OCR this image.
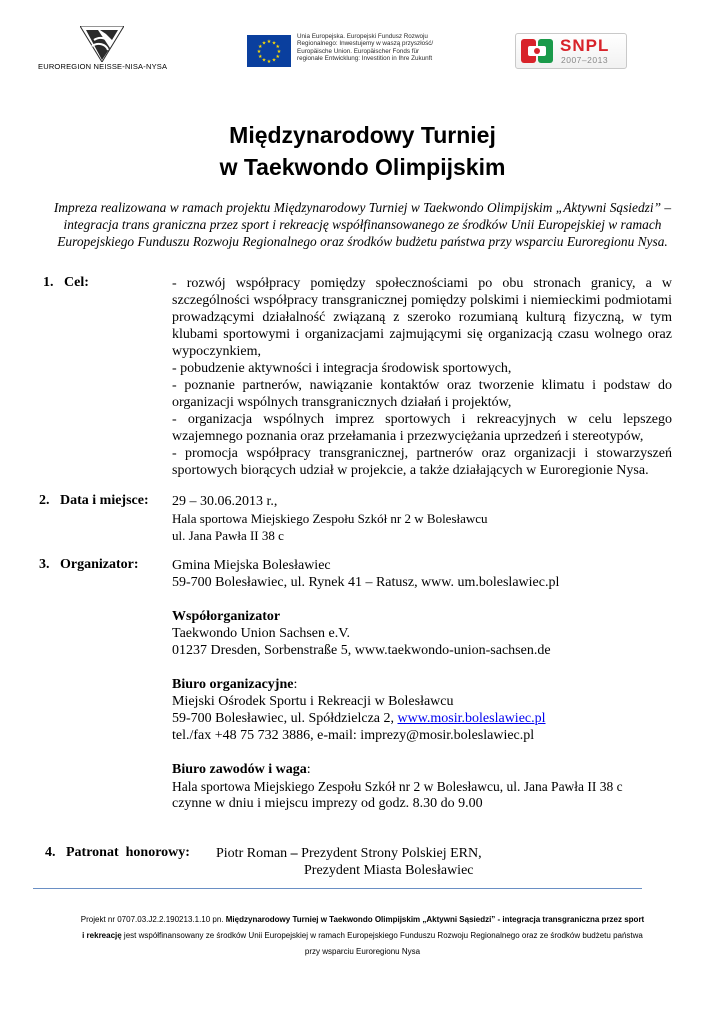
EUROREGION NEISSE-NISA-NYSA
★ ★
★
★
★
★
★
★
★
★
★
★
Unia Europejska. Europejski Fundusz Rozwoju
Regionalnego: Inwestujemy w waszą przyszłość/
Europäische Union. Europäischer Fonds für
regionale Entwicklung: Investition in Ihre Zukunft
SNPL
2007–2013
Międzynarodowy Turniej
w Taekwondo Olimpijskim
Impreza realizowana w ramach projektu Międzynarodowy Turniej w Taekwondo Olimpijskim „Aktywni Sąsiedzi” – integracja trans graniczna przez sport i rekreację współfinansowanego ze środków Unii Europejskiej w ramach Europejskiego Funduszu Rozwoju Regionalnego oraz środków budżetu państwa przy wsparciu Euroregionu Nysa.
1. Cel:	- rozwój współpracy pomiędzy społecznościami po obu stronach granicy, a w szczególności współpracy transgranicznej pomiędzy polskimi i niemieckimi podmiotami prowadzącymi działalność związaną z szeroko rozumianą kulturą fizyczną, w tym klubami sportowymi i organizacjami zajmującymi się organizacją czasu wolnego oraz wypoczynkiem,

- pobudzenie aktywności i integracja środowisk sportowych,

- poznanie partnerów, nawiązanie kontaktów oraz tworzenie klimatu i podstaw do organizacji wspólnych transgranicznych działań i projektów,

- organizacja wspólnych imprez sportowych i rekreacyjnych w celu lepszego wzajemnego poznania oraz przełamania i przezwyciężania uprzedzeń i stereotypów,

- promocja współpracy transgranicznej, partnerów oraz organizacji i stowarzyszeń sportowych biorących udział w projekcie, a także działających w Euroregionie Nysa.

2. Data i miejsce: 29 – 30.06.2013 r.,
Hala sportowa Miejskiego Zespołu Szkół nr 2 w Bolesławcu
ul. Jana Pawła II 38 c
3. Organizator: Gmina Miejska Bolesławiec
59-700 Bolesławiec, ul. Rynek 41 – Ratusz, www. um.boleslawiec.pl
Współorganizator
Taekwondo Union Sachsen e.V.
01237 Dresden, Sorbenstraße 5, www.taekwondo-union-sachsen.de
Biuro organizacyjne:
Miejski Ośrodek Sportu i Rekreacji w Bolesławcu
59-700 Bolesławiec, ul. Spółdzielcza 2, www.mosir.boleslawiec.pl
tel./fax +48 75 732 3886, e-mail: imprezy@mosir.boleslawiec.pl
Biuro zawodów i waga:
Hala sportowa Miejskiego Zespołu Szkół nr 2 w Bolesławcu, ul. Jana Pawła II 38 c
czynne w dniu i miejscu imprezy od godz. 8.30 do 9.00
4. Patronat  honorowy: Piotr Roman – Prezydent Strony Polskiej ERN,
Prezydent Miasta Bolesławiec
Projekt nr 0707.03.J2.2.190213.1.10 pn. Międzynarodowy Turniej w Taekwondo Olimpijskim „Aktywni Sąsiedzi” - integracja transgraniczna przez sport
i rekreację jest współfinansowany ze środków Unii Europejskiej w ramach Europejskiego Funduszu Rozwoju Regionalnego oraz ze środków budżetu państwa
przy wsparciu Euroregionu Nysa
